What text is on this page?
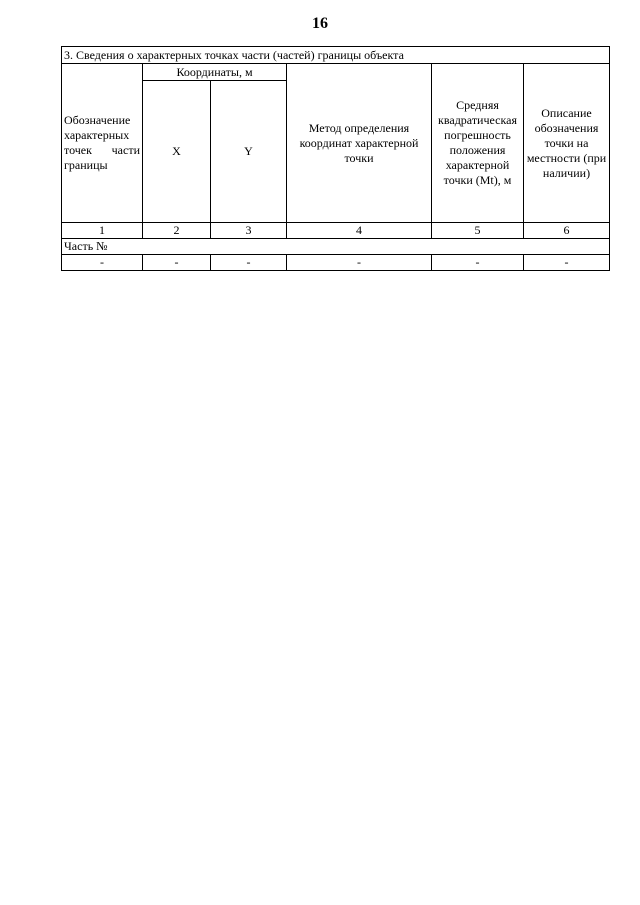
16
3. Сведения о характерных точках части (частей) границы объекта					
Обозначение характерных точек части границы	Координаты, м		Метод определения координат характерной точки	Средняя квадратическая погрешность положения характерной точки (Mt), м	Описание обозначения точки на местности (при наличии)
	X	Y			
1	2	3	4	5	6
Часть №					
-	-	-	-	-	-
